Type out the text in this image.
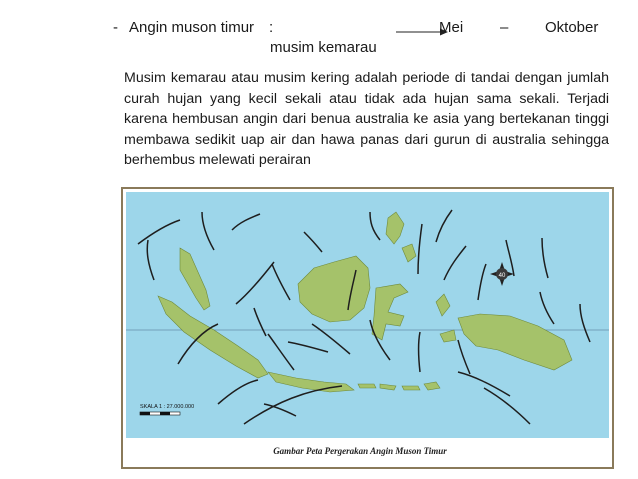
- Angin muson timur :	Mei – Oktober
musim kemarau
Musim kemarau atau musim kering adalah periode di tandai dengan jumlah curah hujan yang kecil sekali atau tidak ada hujan sama sekali. Terjadi karena hembusan angin dari benua australia ke asia yang bertekanan tinggi membawa sedikit uap air dan hawa panas dari gurun di australia sehingga berhembus melewati perairan
40
SKALA 1 : 27.000.000
Gambar Peta Pergerakan Angin Muson Timur
